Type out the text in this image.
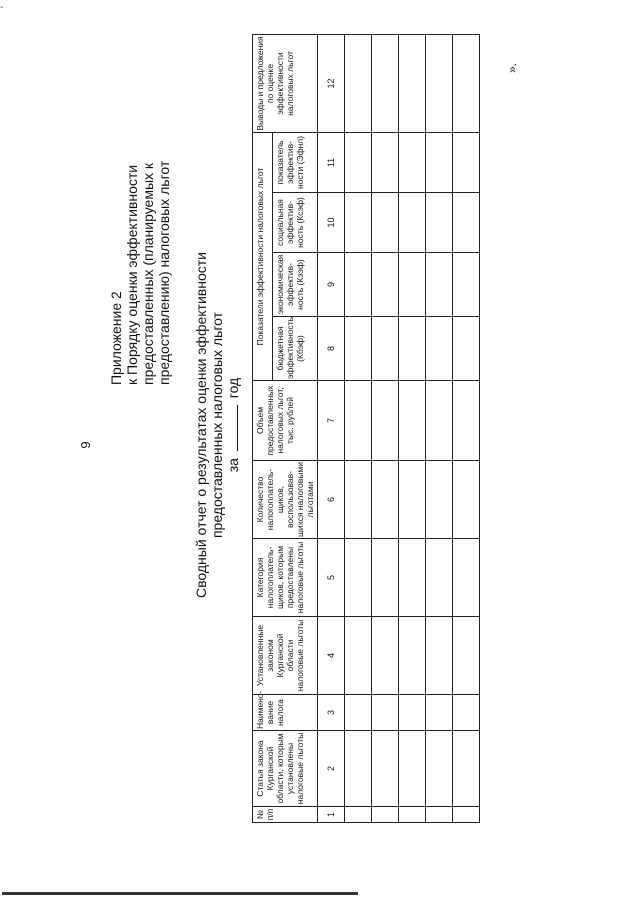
-
9
Приложение 2 к Порядку оценки эффективности предоставленных (планируемых к предоставлению) налоговых льгот Сводный отчет о результатах оценки эффективности предоставленных налоговых льгот за  год
№ п/п	Статья закона Курганской области, которым установлены налоговые льготы	Наимено-вание налога	Установленные законом Курганской области налоговые льготы	Категория налогоплатель-щиков, которым предоставлены налоговые льготы	Количество налогоплатель-щиков, воспользовав-шихся налоговыми льготами	Объем предоставленных налоговых льгот, тыс. рублей	Показатели эффективности налоговых льгот				Выводы и предложения по оценке эффективности налоговых льгот
							бюджетная эффективность (Кбэф)	экономическая эффектив-ность (Кээф)	социальная эффектив-ность (Ксэф)	показатель эффектив-ности (Эфнл)	
1	2	3	4	5	6	7	8	9	10	11	12

».
